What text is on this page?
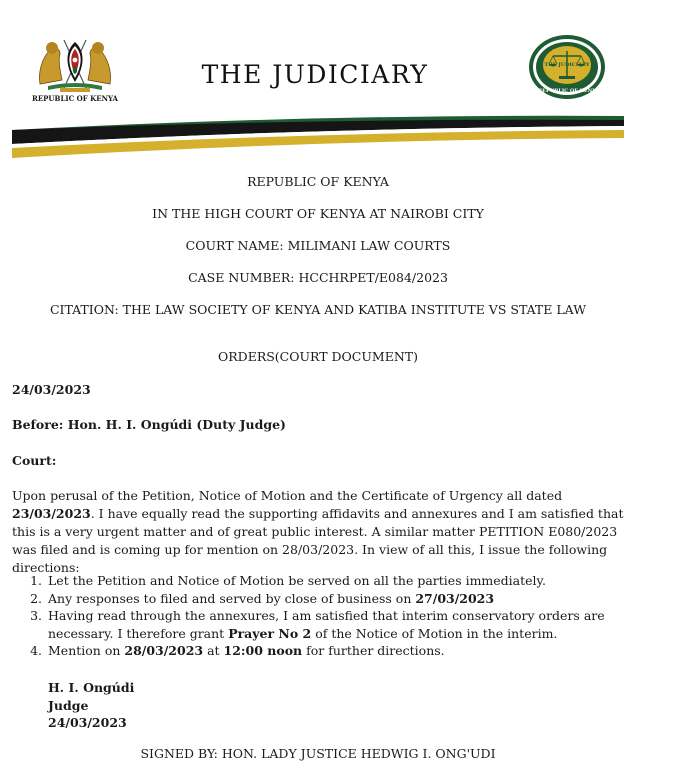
REPUBLIC OF KENYA
THE JUDICIARY	THE JUDICIARY
REPUBLIC OF KENYA
REPUBLIC OF KENYA
IN THE HIGH COURT OF KENYA AT NAIROBI CITY
COURT NAME: MILIMANI LAW COURTS
CASE NUMBER: HCCHRPET/E084/2023
CITATION: THE LAW SOCIETY OF KENYA AND KATIBA INSTITUTE VS STATE LAW
ORDERS(COURT DOCUMENT)
24/03/2023
Before: Hon. H. I. Ongúdi (Duty Judge)
Court:
Upon perusal of the Petition, Notice of Motion and the Certificate of Urgency all dated 23/03/2023. I have equally read the supporting affidavits and annexures and I am satisfied that this is a very urgent matter and of great public interest. A similar matter PETITION E080/2023 was filed and is coming up for mention on 28/03/2023. In view of all this, I issue the following directions:
1. Let the Petition and Notice of Motion be served on all the parties immediately.
2. Any responses to filed and served by close of business on 27/03/2023
3. Having read through the annexures, I am satisfied that interim conservatory orders are necessary. I therefore grant Prayer No 2 of the Notice of Motion in the interim.
4. Mention on 28/03/2023 at 12:00 noon for further directions.
H. I. Ongúdi
Judge
24/03/2023
SIGNED BY: HON. LADY JUSTICE HEDWIG I. ONG'UDI
